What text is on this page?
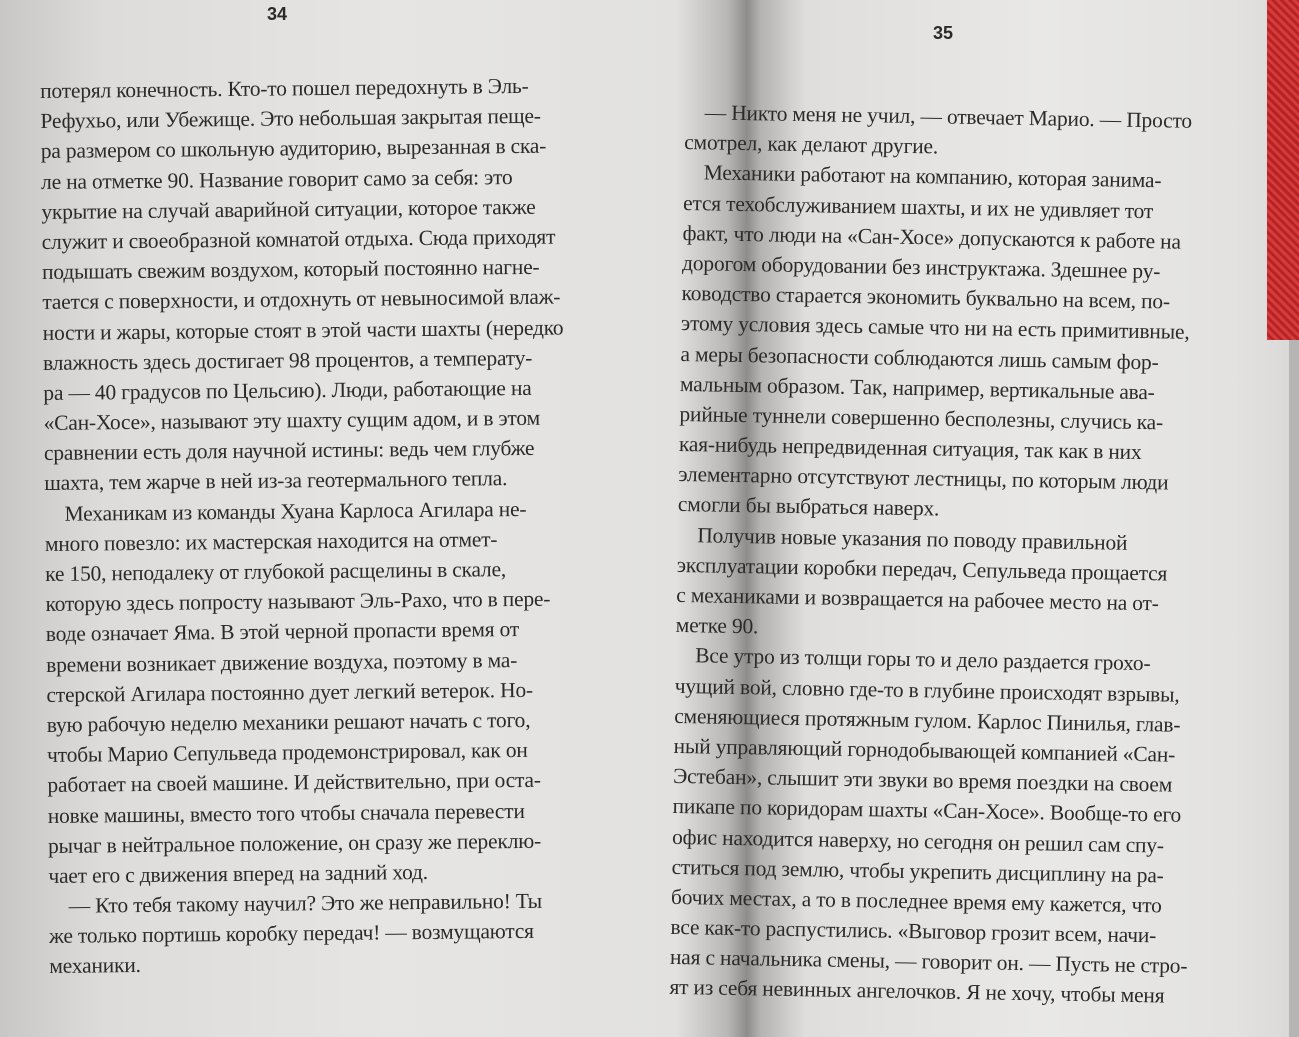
34
потерял конечность. Кто-то пошел передохнуть в Эль-
Рефухьо, или Убежище. Это небольшая закрытая пеще-
ра размером со школьную аудиторию, вырезанная в ска-
ле на отметке 90. Название говорит само за себя: это
укрытие на случай аварийной ситуации, которое также
служит и своеобразной комнатой отдыха. Сюда приходят
подышать свежим воздухом, который постоянно нагне-
тается с поверхности, и отдохнуть от невыносимой влаж-
ности и жары, которые стоят в этой части шахты (нередко
влажность здесь достигает 98 процентов, а температу-
ра — 40 градусов по Цельсию). Люди, работающие на
«Сан-Хосе», называют эту шахту сущим адом, и в этом
сравнении есть доля научной истины: ведь чем глубже
шахта, тем жарче в ней из-за геотермального тепла.
Механикам из команды Хуана Карлоса Агилара не-
много повезло: их мастерская находится на отмет-
ке 150, неподалеку от глубокой расщелины в скале,
которую здесь попросту называют Эль-Рахо, что в пере-
воде означает Яма. В этой черной пропасти время от
времени возникает движение воздуха, поэтому в ма-
стерской Агилара постоянно дует легкий ветерок. Но-
вую рабочую неделю механики решают начать с того,
чтобы Марио Сепульведа продемонстрировал, как он
работает на своей машине. И действительно, при оста-
новке машины, вместо того чтобы сначала перевести
рычаг в нейтральное положение, он сразу же переклю-
чает его с движения вперед на задний ход.
— Кто тебя такому научил? Это же неправильно! Ты
же только портишь коробку передач! — возмущаются
механики.
35
— Никто меня не учил, — отвечает Марио. — Просто
смотрел, как делают другие.
Механики работают на компанию, которая занима-
ется техобслуживанием шахты, и их не удивляет тот
факт, что люди на «Сан-Хосе» допускаются к работе на
дорогом оборудовании без инструктажа. Здешнее ру-
ководство старается экономить буквально на всем, по-
этому условия здесь самые что ни на есть примитивные,
а меры безопасности соблюдаются лишь самым фор-
мальным образом. Так, например, вертикальные ава-
рийные туннели совершенно бесполезны, случись ка-
кая-нибудь непредвиденная ситуация, так как в них
элементарно отсутствуют лестницы, по которым люди
смогли бы выбраться наверх.
Получив новые указания по поводу правильной
эксплуатации коробки передач, Сепульведа прощается
с механиками и возвращается на рабочее место на от-
метке 90.
Все утро из толщи горы то и дело раздается грохо-
чущий вой, словно где-то в глубине происходят взрывы,
сменяющиеся протяжным гулом. Карлос Пинилья, глав-
ный управляющий горнодобывающей компанией «Сан-
Эстебан», слышит эти звуки во время поездки на своем
пикапе по коридорам шахты «Сан-Хосе». Вообще-то его
офис находится наверху, но сегодня он решил сам спу-
ститься под землю, чтобы укрепить дисциплину на ра-
бочих местах, а то в последнее время ему кажется, что
все как-то распустились. «Выговор грозит всем, начи-
ная с начальника смены, — говорит он. — Пусть не стро-
ят из себя невинных ангелочков. Я не хочу, чтобы меня
